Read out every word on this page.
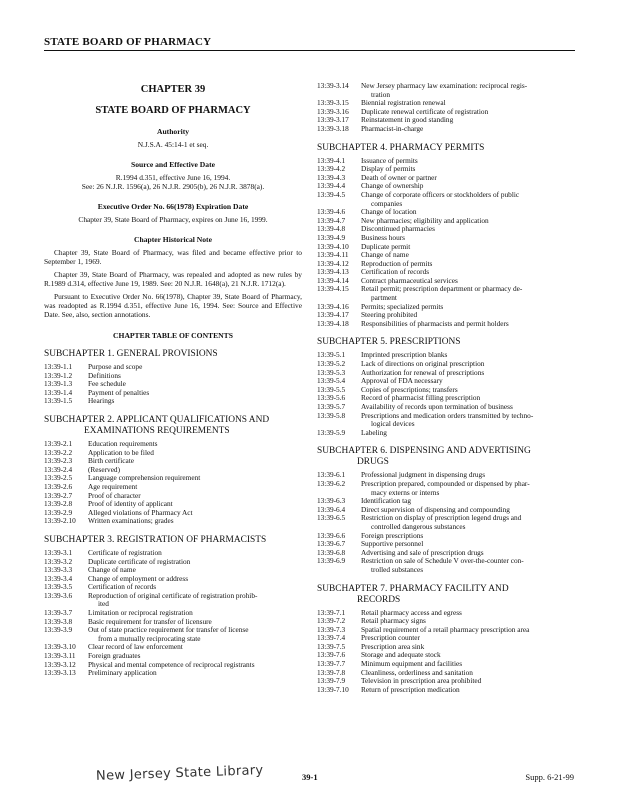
STATE BOARD OF PHARMACY
CHAPTER 39
STATE BOARD OF PHARMACY
Authority
N.J.S.A. 45:14-1 et seq.
Source and Effective Date
R.1994 d.351, effective June 16, 1994.
See: 26 N.J.R. 1596(a), 26 N.J.R. 2905(b), 26 N.J.R. 3878(a).
Executive Order No. 66(1978) Expiration Date
Chapter 39, State Board of Pharmacy, expires on June 16, 1999.
Chapter Historical Note
Chapter 39, State Board of Pharmacy, was filed and became effective prior to September 1, 1969.
Chapter 39, State Board of Pharmacy, was repealed and adopted as new rules by R.1989 d.314, effective June 19, 1989. See: 20 N.J.R. 1648(a), 21 N.J.R. 1712(a).
Pursuant to Executive Order No. 66(1978), Chapter 39, State Board of Pharmacy, was readopted as R.1994 d.351, effective June 16, 1994. See: Source and Effective Date. See, also, section annotations.
CHAPTER TABLE OF CONTENTS
SUBCHAPTER 1. GENERAL PROVISIONS
13:39-1.1	Purpose and scope
13:39-1.2	Definitions
13:39-1.3	Fee schedule
13:39-1.4	Payment of penalties
13:39-1.5	Hearings
SUBCHAPTER 2. APPLICANT QUALIFICATIONS AND
EXAMINATIONS REQUIREMENTS
13:39-2.1	Education requirements
13:39-2.2	Application to be filed
13:39-2.3	Birth certificate
13:39-2.4	(Reserved)
13:39-2.5	Language comprehension requirement
13:39-2.6	Age requirement
13:39-2.7	Proof of character
13:39-2.8	Proof of identity of applicant
13:39-2.9	Alleged violations of Pharmacy Act
13:39-2.10	Written examinations; grades
SUBCHAPTER 3. REGISTRATION OF PHARMACISTS
13:39-3.1	Certificate of registration
13:39-3.2	Duplicate certificate of registration
13:39-3.3	Change of name
13:39-3.4	Change of employment or address
13:39-3.5	Certification of records
13:39-3.6	Reproduction of original certificate of registration prohib-
ited
13:39-3.7	Limitation or reciprocal registration
13:39-3.8	Basic requirement for transfer of licensure
13:39-3.9	Out of state practice requirement for transfer of license
from a mutually reciprocating state
13:39-3.10	Clear record of law enforcement
13:39-3.11	Foreign graduates
13:39-3.12	Physical and mental competence of reciprocal registrants
13:39-3.13	Preliminary application
13:39-3.14	New Jersey pharmacy law examination: reciprocal regis-
tration
13:39-3.15	Biennial registration renewal
13:39-3.16	Duplicate renewal certificate of registration
13:39-3.17	Reinstatement in good standing
13:39-3.18	Pharmacist-in-charge
SUBCHAPTER 4. PHARMACY PERMITS
13:39-4.1	Issuance of permits
13:39-4.2	Display of permits
13:39-4.3	Death of owner or partner
13:39-4.4	Change of ownership
13:39-4.5	Change of corporate officers or stockholders of public
companies
13:39-4.6	Change of location
13:39-4.7	New pharmacies; eligibility and application
13:39-4.8	Discontinued pharmacies
13:39-4.9	Business hours
13:39-4.10	Duplicate permit
13:39-4.11	Change of name
13:39-4.12	Reproduction of permits
13:39-4.13	Certification of records
13:39-4.14	Contract pharmaceutical services
13:39-4.15	Retail permit; prescription department or pharmacy de-
partment
13:39-4.16	Permits; specialized permits
13:39-4.17	Steering prohibited
13:39-4.18	Responsibilities of pharmacists and permit holders
SUBCHAPTER 5. PRESCRIPTIONS
13:39-5.1	Imprinted prescription blanks
13:39-5.2	Lack of directions on original prescription
13:39-5.3	Authorization for renewal of prescriptions
13:39-5.4	Approval of FDA necessary
13:39-5.5	Copies of prescriptions; transfers
13:39-5.6	Record of pharmacist filling prescription
13:39-5.7	Availability of records upon termination of business
13:39-5.8	Prescriptions and medication orders transmitted by techno-
logical devices
13:39-5.9	Labeling
SUBCHAPTER 6. DISPENSING AND ADVERTISING
DRUGS
13:39-6.1	Professional judgment in dispensing drugs
13:39-6.2	Prescription prepared, compounded or dispensed by phar-
macy externs or interns
13:39-6.3	Identification tag
13:39-6.4	Direct supervision of dispensing and compounding
13:39-6.5	Restriction on display of prescription legend drugs and
controlled dangerous substances
13:39-6.6	Foreign prescriptions
13:39-6.7	Supportive personnel
13:39-6.8	Advertising and sale of prescription drugs
13:39-6.9	Restriction on sale of Schedule V over-the-counter con-
trolled substances
SUBCHAPTER 7. PHARMACY FACILITY AND
RECORDS
13:39-7.1	Retail pharmacy access and egress
13:39-7.2	Retail pharmacy signs
13:39-7.3	Spatial requirement of a retail pharmacy prescription area
13:39-7.4	Prescription counter
13:39-7.5	Prescription area sink
13:39-7.6	Storage and adequate stock
13:39-7.7	Minimum equipment and facilities
13:39-7.8	Cleanliness, orderliness and sanitation
13:39-7.9	Television in prescription area prohibited
13:39-7.10	Return of prescription medication
New Jersey State Library	39-1	Supp. 6-21-99
